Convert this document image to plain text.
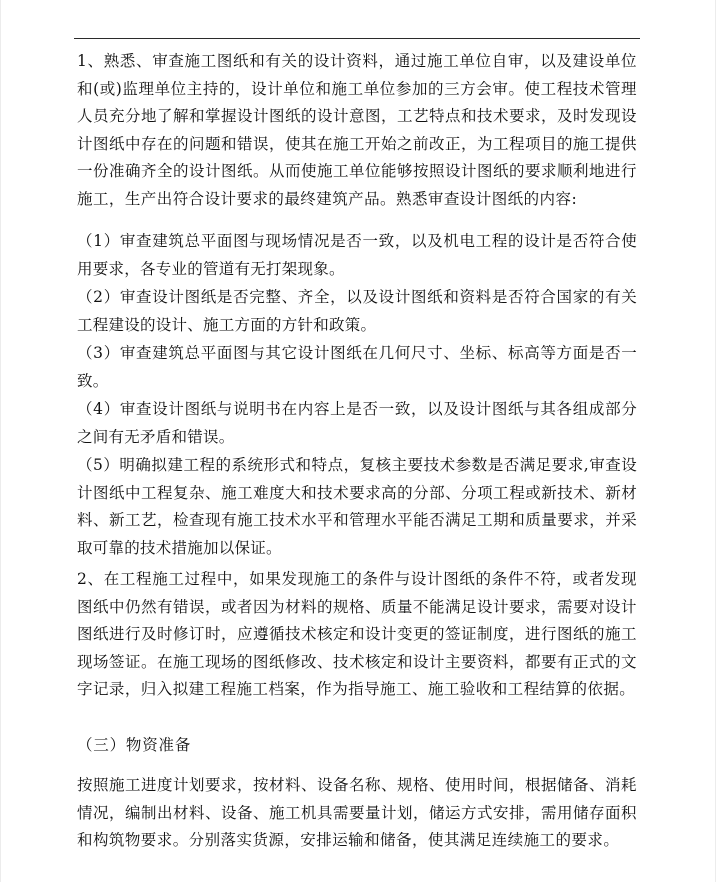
1、熟悉、审查施工图纸和有关的设计资料，通过施工单位自审，以及建设单位和(或)监理单位主持的，设计单位和施工单位参加的三方会审。使工程技术管理人员充分地了解和掌握设计图纸的设计意图，工艺特点和技术要求，及时发现设计图纸中存在的问题和错误，使其在施工开始之前改正，为工程项目的施工提供一份准确齐全的设计图纸。从而使施工单位能够按照设计图纸的要求顺利地进行施工，生产出符合设计要求的最终建筑产品。熟悉审查设计图纸的内容:

（1）审查建筑总平面图与现场情况是否一致，以及机电工程的设计是否符合使用要求，各专业的管道有无打架现象。

（2）审查设计图纸是否完整、齐全，以及设计图纸和资料是否符合国家的有关工程建设的设计、施工方面的方针和政策。

（3）审查建筑总平面图与其它设计图纸在几何尺寸、坐标、标高等方面是否一致。

（4）审查设计图纸与说明书在内容上是否一致，以及设计图纸与其各组成部分之间有无矛盾和错误。

（5）明确拟建工程的系统形式和特点，复核主要技术参数是否满足要求,审查设计图纸中工程复杂、施工难度大和技术要求高的分部、分项工程或新技术、新材料、新工艺，检查现有施工技术水平和管理水平能否满足工期和质量要求，并采取可靠的技术措施加以保证。

2、在工程施工过程中，如果发现施工的条件与设计图纸的条件不符，或者发现图纸中仍然有错误，或者因为材料的规格、质量不能满足设计要求，需要对设计图纸进行及时修订时，应遵循技术核定和设计变更的签证制度，进行图纸的施工现场签证。在施工现场的图纸修改、技术核定和设计主要资料，都要有正式的文字记录，归入拟建工程施工档案，作为指导施工、施工验收和工程结算的依据。

（三）物资准备

按照施工进度计划要求，按材料、设备名称、规格、使用时间，根据储备、消耗情况，编制出材料、设备、施工机具需要量计划，储运方式安排，需用储存面积和构筑物要求。分别落实货源，安排运输和储备，使其满足连续施工的要求。
